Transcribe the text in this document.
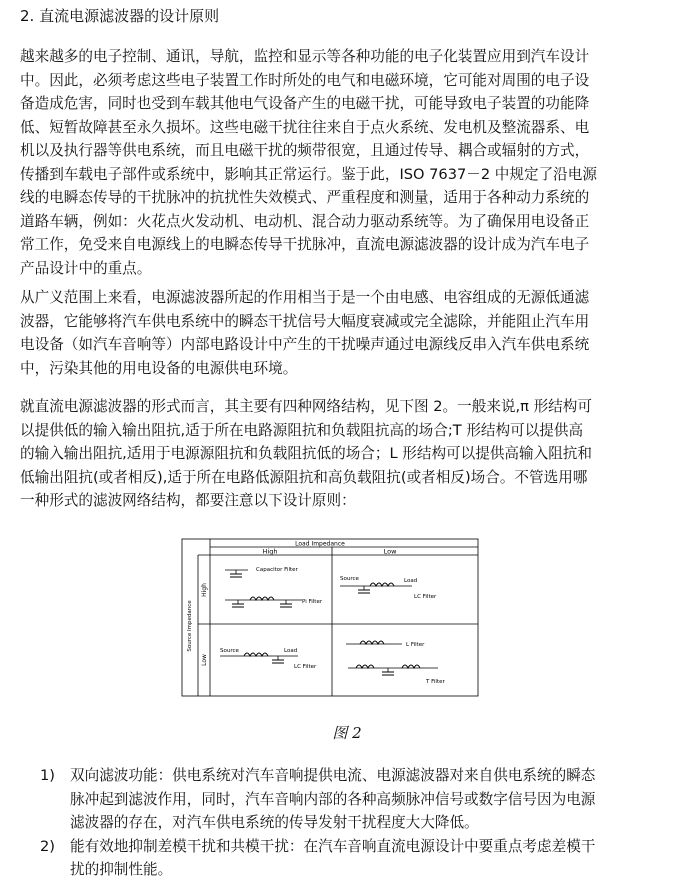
2. 直流电源滤波器的设计原则
越来越多的电子控制、通讯，导航，监控和显示等各种功能的电子化装置应用到汽车设计
中。因此，必须考虑这些电子装置工作时所处的电气和电磁环境，它可能对周围的电子设
备造成危害，同时也受到车载其他电气设备产生的电磁干扰，可能导致电子装置的功能降
低、短暂故障甚至永久损坏。这些电磁干扰往往来自于点火系统、发电机及整流器系、电
机以及执行器等供电系统，而且电磁干扰的频带很宽，且通过传导、耦合或辐射的方式，
传播到车载电子部件或系统中，影响其正常运行。鉴于此，ISO 7637－2 中规定了沿电源
线的电瞬态传导的干扰脉冲的抗扰性失效模式、严重程度和测量，适用于各种动力系统的
道路车辆，例如：火花点火发动机、电动机、混合动力驱动系统等。为了确保用电设备正
常工作，免受来自电源线上的电瞬态传导干扰脉冲，直流电源滤波器的设计成为汽车电子
产品设计中的重点。
从广义范围上来看，电源滤波器所起的作用相当于是一个由电感、电容组成的无源低通滤
波器，它能够将汽车供电系统中的瞬态干扰信号大幅度衰减或完全滤除，并能阻止汽车用
电设备（如汽车音响等）内部电路设计中产生的干扰噪声通过电源线反串入汽车供电系统
中，污染其他的用电设备的电源供电环境。
就直流电源滤波器的形式而言，其主要有四种网络结构，见下图 2。一般来说,π 形结构可
以提供低的输入输出阻抗,适于所在电路源阻抗和负载阻抗高的场合;T 形结构可以提供高
的输入输出阻抗,适用于电源源阻抗和负载阻抗低的场合；L 形结构可以提供高输入阻抗和
低输出阻抗(或者相反),适于所在电路低源阻抗和高负载阻抗(或者相反)场合。不管选用哪
一种形式的滤波网络结构，都要注意以下设计原则：
Load Impedance
High	Low
Source Impedance
High
Low
Capacitor Filter
Pi Filter
Source	Load
LC Filter
Source	Load
LC Filter
L Filter
T Filter
图 2
1) 双向滤波功能：供电系统对汽车音响提供电流、电源滤波器对来自供电系统的瞬态
脉冲起到滤波作用，同时，汽车音响内部的各种高频脉冲信号或数字信号因为电源
滤波器的存在，对汽车供电系统的传导发射干扰程度大大降低。
2) 能有效地抑制差模干扰和共模干扰：在汽车音响直流电源设计中要重点考虑差模干
扰的抑制性能。
